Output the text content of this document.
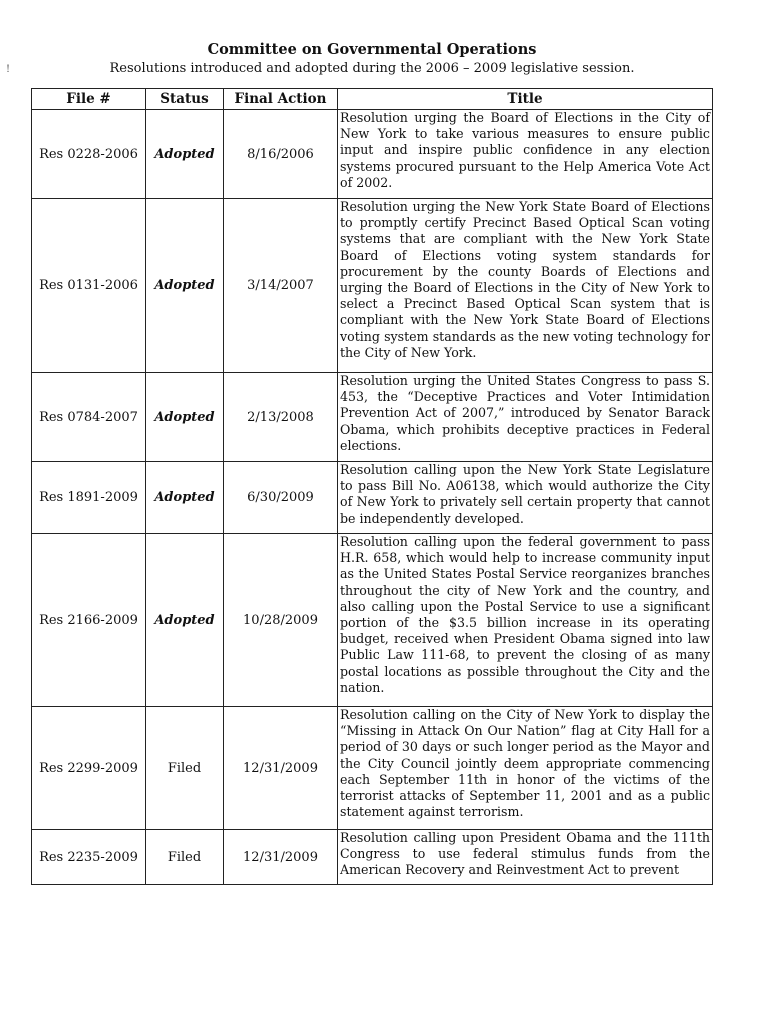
!
Committee on Governmental Operations
Resolutions introduced and adopted during the 2006 – 2009 legislative session.
File #	Status	Final Action	Title
Res 0228-2006	Adopted	8/16/2006	Resolution urging the Board of Elections in the City of New York to take various measures to ensure public input and inspire public confidence in any election systems procured pursuant to the Help America Vote Act of 2002.
Res 0131-2006	Adopted	3/14/2007	Resolution urging the New York State Board of Elections to promptly certify Precinct Based Optical Scan voting systems that are compliant with the New York State Board of Elections voting system standards for procurement by the county Boards of Elections and urging the Board of Elections in the City of New York to select a Precinct Based Optical Scan system that is compliant with the New York State Board of Elections voting system standards as the new voting technology for the City of New York.
Res 0784-2007	Adopted	2/13/2008	Resolution urging the United States Congress to pass S. 453, the “Deceptive Practices and Voter Intimidation Prevention Act of 2007,” introduced by Senator Barack Obama, which prohibits deceptive practices in Federal elections.
Res 1891-2009	Adopted	6/30/2009	Resolution calling upon the New York State Legislature to pass Bill No. A06138, which would authorize the City of New York to privately sell certain property that cannot be independently developed.
Res 2166-2009	Adopted	10/28/2009	Resolution calling upon the federal government to pass H.R. 658, which would help to increase community input as the United States Postal Service reorganizes branches throughout the city of New York and the country, and also calling upon the Postal Service to use a significant portion of the $3.5 billion increase in its operating budget, received when President Obama signed into law Public Law 111-68, to prevent the closing of as many postal locations as possible throughout the City and the nation.
Res 2299-2009	Filed	12/31/2009	Resolution calling on the City of New York to display the “Missing in Attack On Our Nation” flag at City Hall for a period of 30 days or such longer period as the Mayor and the City Council jointly deem appropriate commencing each September 11th in honor of the victims of the terrorist attacks of September 11, 2001 and as a public statement against terrorism.
Res 2235-2009	Filed	12/31/2009	Resolution calling upon President Obama and the 111th Congress to use federal stimulus funds from the American Recovery and Reinvestment Act to prevent
